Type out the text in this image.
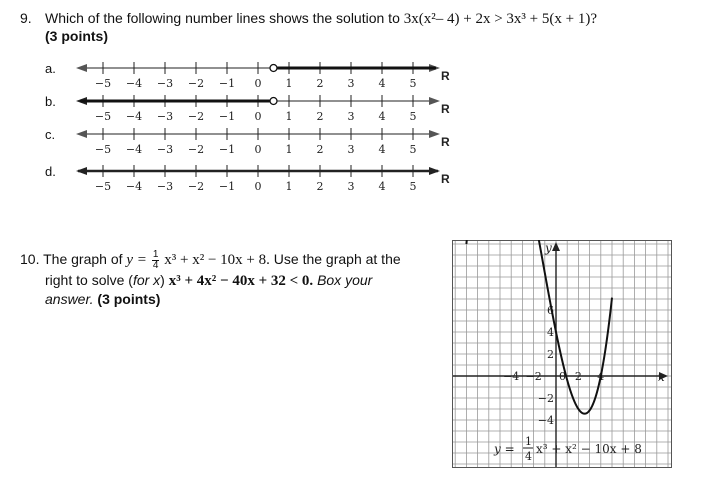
9. Which of the following number lines shows the solution to 3x(x²– 4) + 2x > 3x³ + 5(x + 1)?
(3 points)
a.
−5 −4 −3 −2 −1 0 1 2 3 4 5
R
b.
−5 −4 −3 −2 −1 0 1 2 3 4 5
R
c.
−5 −4 −3 −2 −1 0 1 2 3 4 5
R
d.
−5 −4 −3 −2 −1 0 1 2 3 4 5
R
10. The graph of $y = \frac{1}{4} x^3 + x^2 - 10x + 8$. Use the graph at the
right to solve (for x) x³ + 4x² − 40x + 32 < 0. Box your
answer. (3 points)
y
x
−4 −2 0 2 4
6
4
2
−2
−4
y =
1
4
x³ + x² − 10x + 8
